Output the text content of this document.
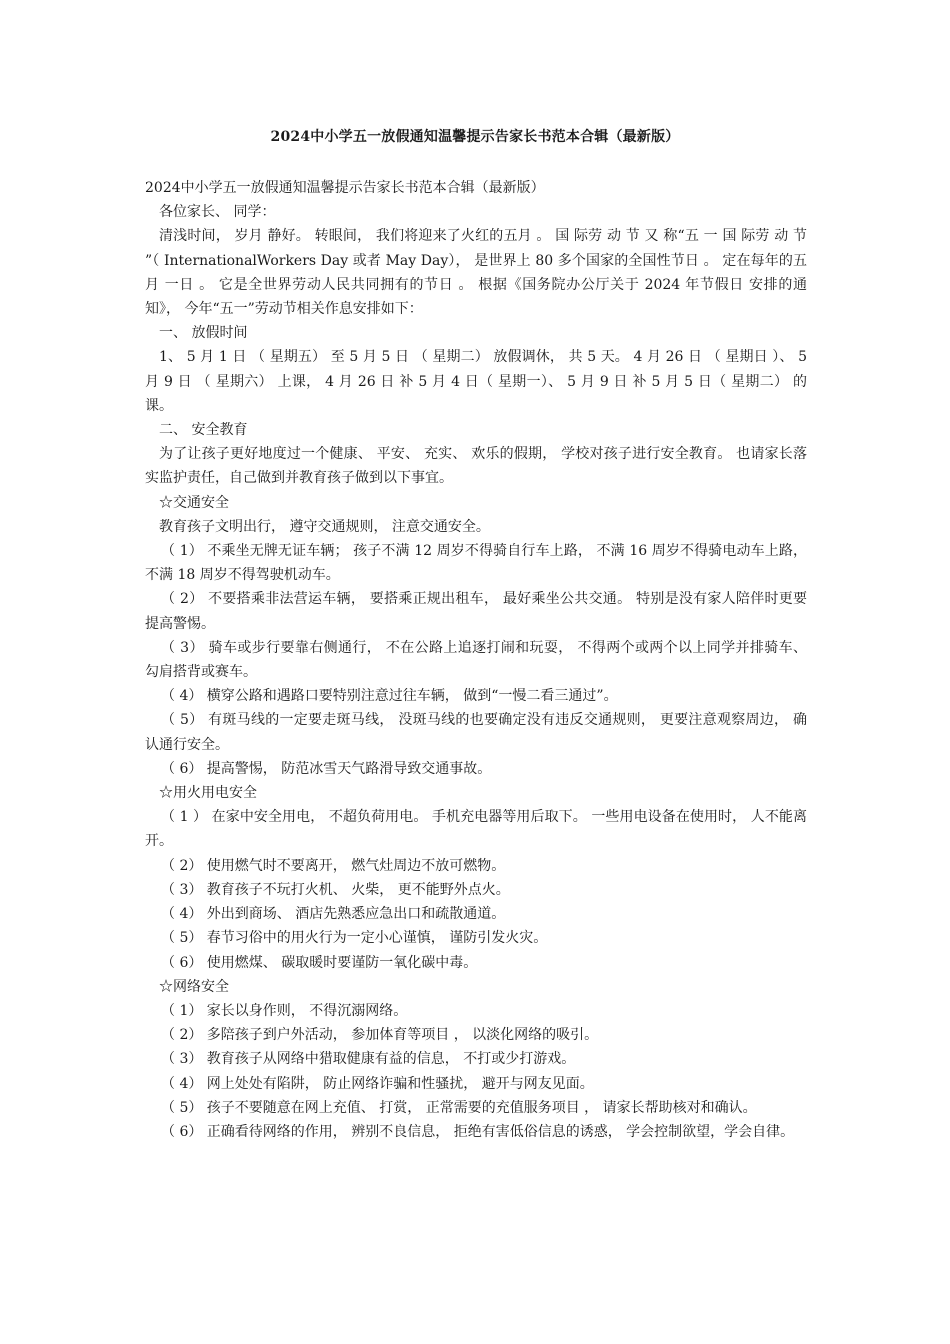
2024中小学五一放假通知温馨提示告家长书范本合辑（最新版）

2024中小学五一放假通知温馨提示告家长书范本合辑（最新版）

各位家长、 同学：

清浅时间， 岁月 静好。 转眼间， 我们将迎来了火红的五月 。 国 际劳 动 节 又 称“五 一 国 际劳 动 节 ”（ InternationalWorkers Day 或者 May Day）， 是世界上 80 多个国家的全国性节日 。 定在每年的五月 一日 。 它是全世界劳动人民共同拥有的节日 。 根据《国务院办公厅关于 2024 年节假日 安排的通知》， 今年“五一”劳动节相关作息安排如下：

一、 放假时间

1、 5 月 1 日 （ 星期五） 至 5 月 5 日 （ 星期二） 放假调休， 共 5 天。 4 月 26 日 （ 星期日 ）、 5 月 9 日 （ 星期六） 上课， 4 月 26 日 补 5 月 4 日（ 星期一）、 5 月 9 日 补 5 月 5 日（ 星期二） 的课。

二、 安全教育

为了让孩子更好地度过一个健康、 平安、 充实、 欢乐的假期， 学校对孩子进行安全教育。 也请家长落实监护责任，自己做到并教育孩子做到以下事宜。

☆交通安全

教育孩子文明出行， 遵守交通规则， 注意交通安全。

（ 1） 不乘坐无牌无证车辆； 孩子不满 12 周岁不得骑自行车上路， 不满 16 周岁不得骑电动车上路， 不满 18 周岁不得驾驶机动车。

（ 2） 不要搭乘非法营运车辆， 要搭乘正规出租车， 最好乘坐公共交通。 特别是没有家人陪伴时更要提高警惕。

（ 3） 骑车或步行要靠右侧通行， 不在公路上追逐打闹和玩耍， 不得两个或两个以上同学并排骑车、 勾肩搭背或赛车。

（ 4） 横穿公路和遇路口要特别注意过往车辆， 做到“一慢二看三通过”。

（ 5） 有斑马线的一定要走斑马线， 没斑马线的也要确定没有违反交通规则， 更要注意观察周边， 确认通行安全。

（ 6） 提高警惕， 防范冰雪天气路滑导致交通事故。

☆用火用电安全

（ 1 ） 在家中安全用电， 不超负荷用电。 手机充电器等用后取下。 一些用电设备在使用时， 人不能离开。

（ 2） 使用燃气时不要离开， 燃气灶周边不放可燃物。

（ 3） 教育孩子不玩打火机、 火柴， 更不能野外点火。

（ 4） 外出到商场、 酒店先熟悉应急出口和疏散通道。

（ 5） 春节习俗中的用火行为一定小心谨慎， 谨防引发火灾。

（ 6） 使用燃煤、 碳取暖时要谨防一氧化碳中毒。

☆网络安全

（ 1） 家长以身作则， 不得沉溺网络。

（ 2） 多陪孩子到户外活动， 参加体育等项目 ， 以淡化网络的吸引。

（ 3） 教育孩子从网络中猎取健康有益的信息， 不打或少打游戏。

（ 4） 网上处处有陷阱， 防止网络诈骗和性骚扰， 避开与网友见面。

（ 5） 孩子不要随意在网上充值、 打赏， 正常需要的充值服务项目 ， 请家长帮助核对和确认。

（ 6） 正确看待网络的作用， 辨别不良信息， 拒绝有害低俗信息的诱惑， 学会控制欲望，学会自律。
